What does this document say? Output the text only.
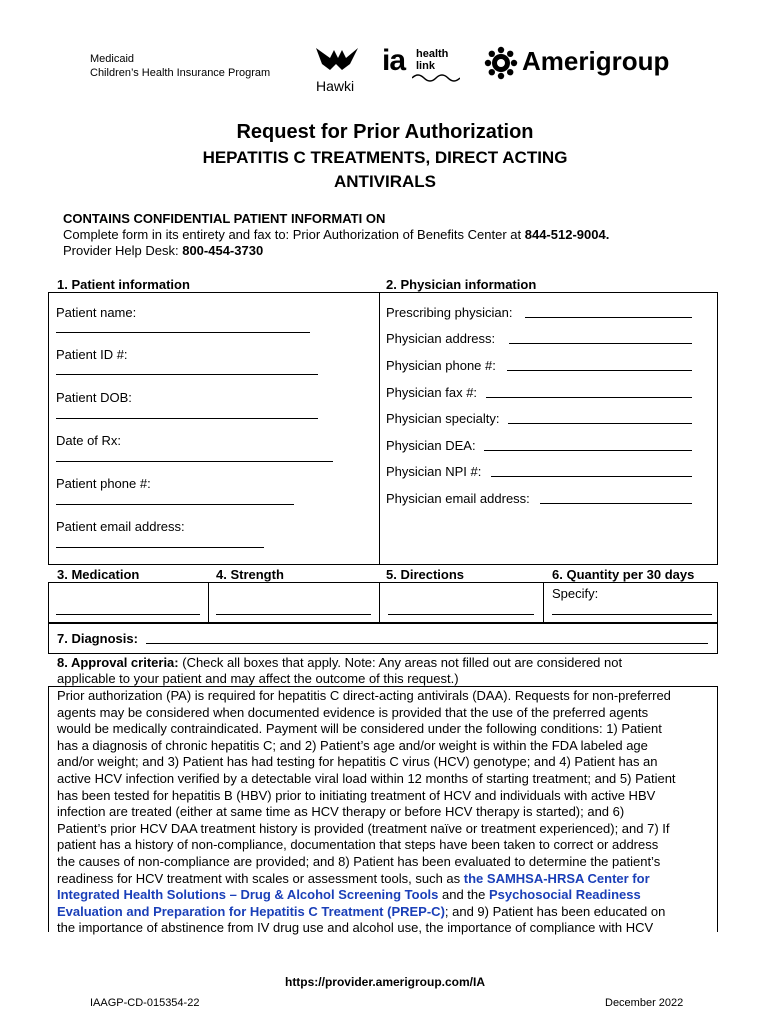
Medicaid
Children’s Health Insurance Program
Hawki
ia health
link	Amerigroup
Request for Prior Authorization
HEPATITIS C TREATMENTS, DIRECT ACTING
ANTIVIRALS
CONTAINS CONFIDENTIAL PATIENT INFORMATI ON
Complete form in its entirety and fax to: Prior Authorization of Benefits Center at 844-512-9004.
Provider Help Desk: 800-454-3730
1. Patient information	2. Physician information
Patient name:
Patient ID #:
Patient DOB:
Date of Rx:
Patient phone #:
Patient email address:
Prescribing physician:
Physician address:
Physician phone #:
Physician fax #:
Physician specialty:
Physician DEA:
Physician NPI #:
Physician email address:
3. Medication	4. Strength	5. Directions	6. Quantity per 30 days
Specify:
7. Diagnosis:
8. Approval criteria: (Check all boxes that apply. Note: Any areas not filled out are considered not
applicable to your patient and may affect the outcome of this request.)
Prior authorization (PA) is required for hepatitis C direct-acting antivirals (DAA). Requests for non-preferred
agents may be considered when documented evidence is provided that the use of the preferred agents
would be medically contraindicated. Payment will be considered under the following conditions: 1) Patient
has a diagnosis of chronic hepatitis C; and 2) Patient’s age and/or weight is within the FDA labeled age
and/or weight; and 3) Patient has had testing for hepatitis C virus (HCV) genotype; and 4) Patient has an
active HCV infection verified by a detectable viral load within 12 months of starting treatment; and 5) Patient
has been tested for hepatitis B (HBV) prior to initiating treatment of HCV and individuals with active HBV
infection are treated (either at same time as HCV therapy or before HCV therapy is started); and 6)
Patient’s prior HCV DAA treatment history is provided (treatment naïve or treatment experienced); and 7) If
patient has a history of non-compliance, documentation that steps have been taken to correct or address
the causes of non-compliance are provided; and 8) Patient has been evaluated to determine the patient’s
readiness for HCV treatment with scales or assessment tools, such as the SAMHSA-HRSA Center for
Integrated Health Solutions – Drug & Alcohol Screening Tools and the Psychosocial Readiness
Evaluation and Preparation for Hepatitis C Treatment (PREP-C); and 9) Patient has been educated on
the importance of abstinence from IV drug use and alcohol use, the importance of compliance with HCV
https://provider.amerigroup.com/IA
IAAGP-CD-015354-22	December 2022
